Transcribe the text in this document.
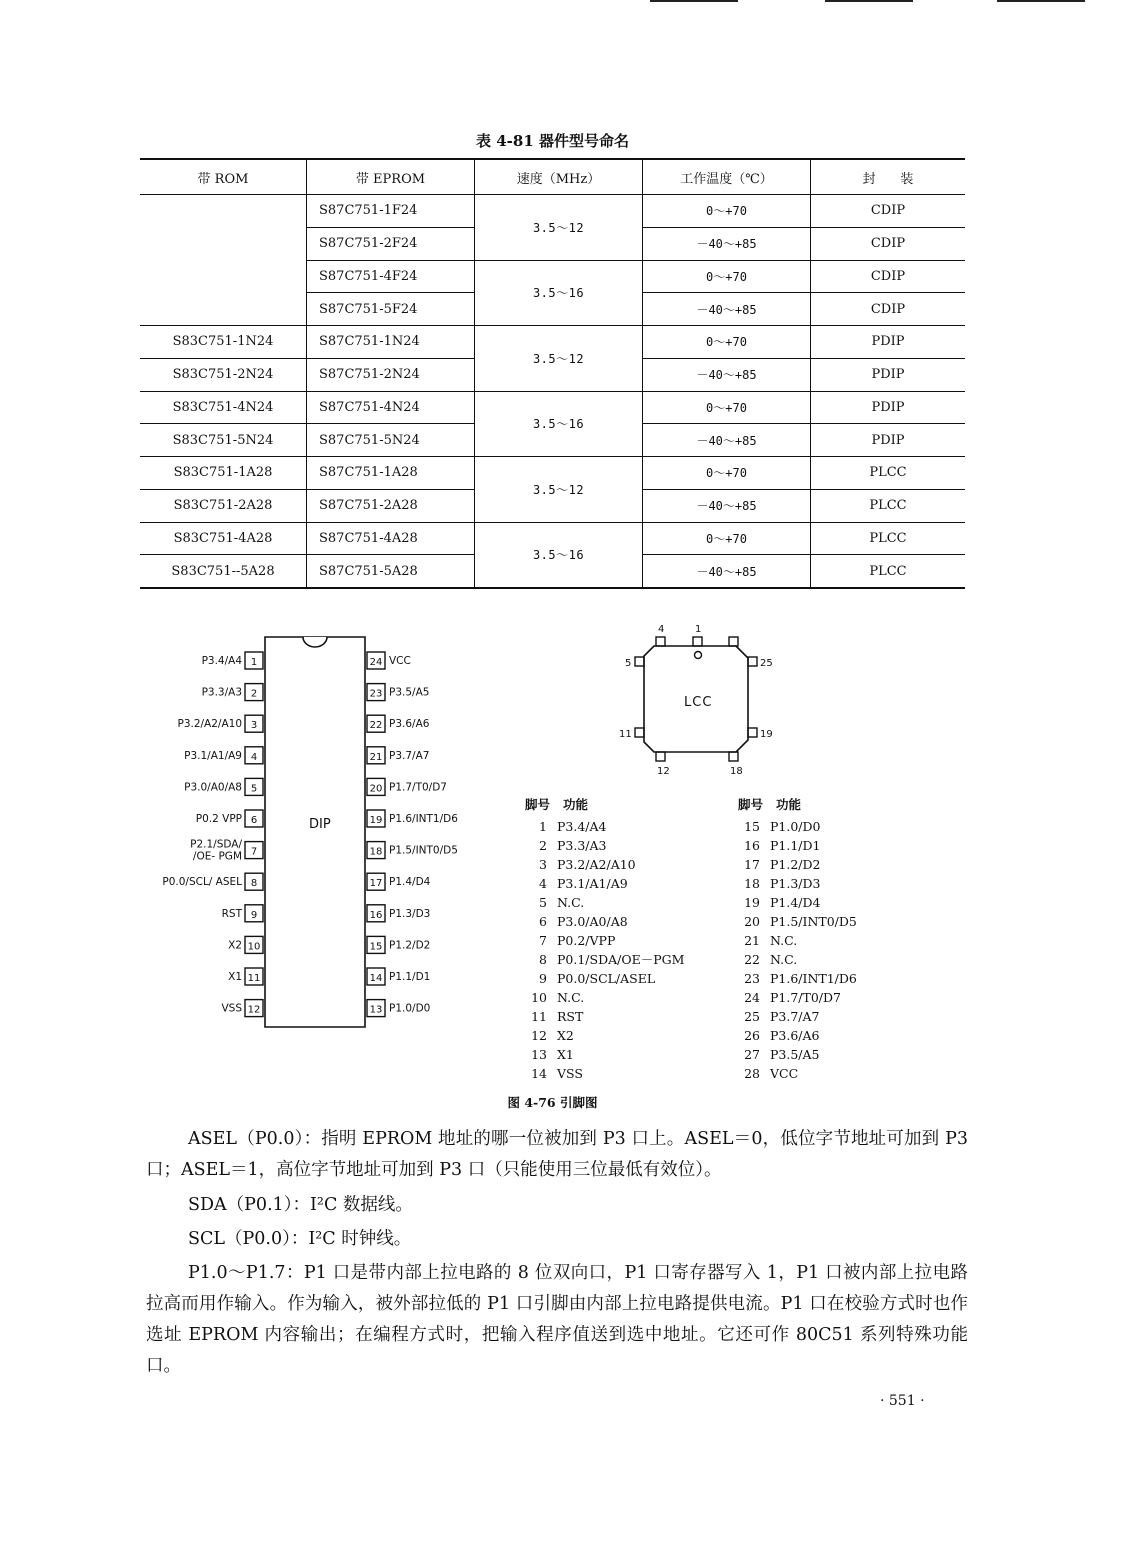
表 4-81 器件型号命名
带 ROM	带 EPROM	速度（MHz）	工作温度（℃）	封      装
	S87C751-1F24	3.5～12	0～+70	CDIP
	S87C751-2F24		－40～+85	CDIP
	S87C751-4F24	3.5～16	0～+70	CDIP
	S87C751-5F24		－40～+85	CDIP
S83C751-1N24	S87C751-1N24	3.5～12	0～+70	PDIP
S83C751-2N24	S87C751-2N24		－40～+85	PDIP
S83C751-4N24	S87C751-4N24	3.5～16	0～+70	PDIP
S83C751-5N24	S87C751-5N24		－40～+85	PDIP
S83C751-1A28	S87C751-1A28	3.5～12	0～+70	PLCC
S83C751-2A28	S87C751-2A28		－40～+85	PLCC
S83C751-4A28	S87C751-4A28	3.5～16	0～+70	PLCC
S83C751--5A28	S87C751-5A28		－40～+85	PLCC
DIP
1
P3.4/A4
2
P3.3/A3
3
P3.2/A2/A10
4
P3.1/A1/A9
5
P3.0/A0/A8
6
P0.2 VPP
7
P2.1/SDA/
/OE- PGM
8
P0.0/SCL/ ASEL
9
RST
10
X2
11
X1
12
VSS
24 VCC
23 P3.5/A5
22 P3.6/A6
21 P3.7/A7
20 P1.7/T0/D7
19 P1.6/INT1/D6
18 P1.5/INT0/D5
17 P1.4/D4
16 P1.3/D3
15 P1.2/D2
14 P1.1/D1
13 P1.0/D0
LCC
4	1
5	25
11	19
12	18
脚号   功能
1 P3.4/A4
2 P3.3/A3
3 P3.2/A2/A10
4 P3.1/A1/A9
5 N.C.
6 P3.0/A0/A8
7 P0.2/VPP
8 P0.1/SDA/OE－PGM
9 P0.0/SCL/ASEL
10 N.C.
11 RST
12 X2
13 X1
14 VSS
脚号   功能
15 P1.0/D0
16 P1.1/D1
17 P1.2/D2
18 P1.3/D3
19 P1.4/D4
20 P1.5/INT0/D5
21 N.C.
22 N.C.
23 P1.6/INT1/D6
24 P1.7/T0/D7
25 P3.7/A7
26 P3.6/A6
27 P3.5/A5
28 VCC
图 4-76 引脚图

ASEL（P0.0）：指明 EPROM 地址的哪一位被加到 P3 口上。ASEL＝0，低位字节地址可加到 P3 口；ASEL＝1，高位字节地址可加到 P3 口（只能使用三位最低有效位）。

SDA（P0.1）：I²C 数据线。

SCL（P0.0）：I²C 时钟线。

P1.0～P1.7：P1 口是带内部上拉电路的 8 位双向口，P1 口寄存器写入 1，P1 口被内部上拉电路拉高而用作输入。作为输入，被外部拉低的 P1 口引脚由内部上拉电路提供电流。P1 口在校验方式时也作选址 EPROM 内容输出；在编程方式时，把输入程序值送到选中地址。它还可作 80C51 系列特殊功能口。

· 551 ·
